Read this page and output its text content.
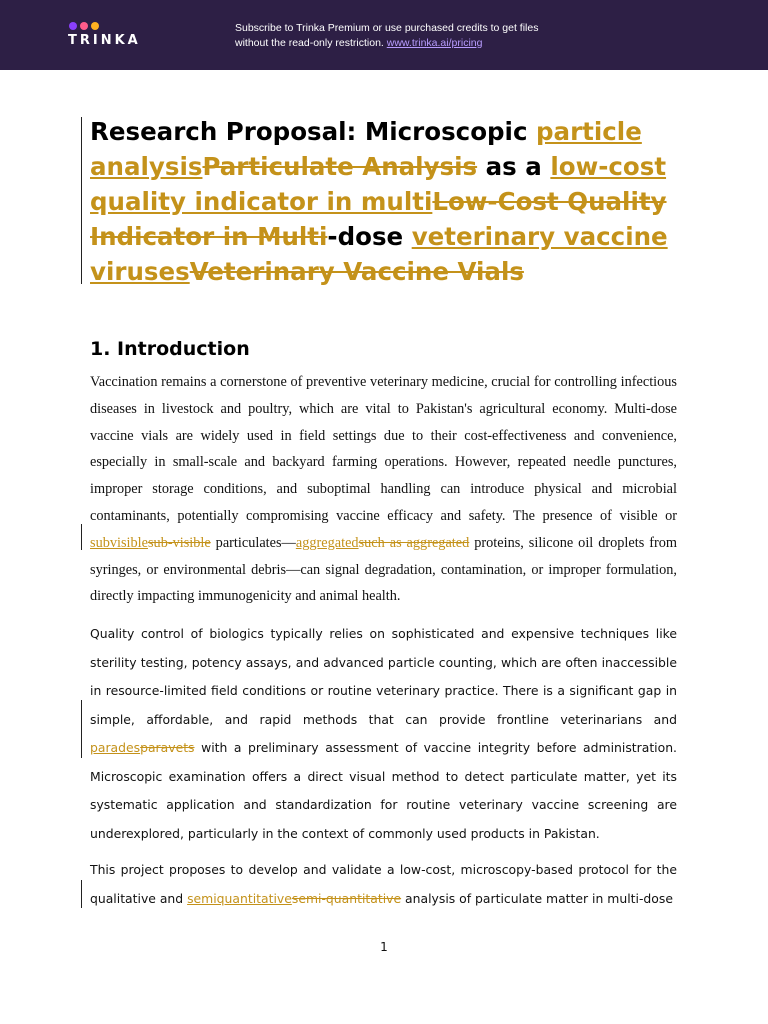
TRINKA
Subscribe to Trinka Premium or use purchased credits to get files
without the read-only restriction. www.trinka.ai/pricing
Research Proposal: Microscopic particle analysisParticulate Analysis as a low-cost quality indicator in multiLow-Cost Quality Indicator in Multi-dose veterinary vaccine virusesVeterinary Vaccine Vials
1. Introduction

Vaccination remains a cornerstone of preventive veterinary medicine, crucial for controlling infectious diseases in livestock and poultry, which are vital to Pakistan's agricultural economy. Multi-dose vaccine vials are widely used in field settings due to their cost-effectiveness and convenience, especially in small-scale and backyard farming operations. However, repeated needle punctures, improper storage conditions, and suboptimal handling can introduce physical and microbial contaminants, potentially compromising vaccine efficacy and safety. The presence of visible or subvisiblesub-visible particulates—aggregatedsuch as aggregated proteins, silicone oil droplets from syringes, or environmental debris—can signal degradation, contamination, or improper formulation, directly impacting immunogenicity and animal health.

Quality control of biologics typically relies on sophisticated and expensive techniques like sterility testing, potency assays, and advanced particle counting, which are often inaccessible in resource-limited field conditions or routine veterinary practice. There is a significant gap in simple, affordable, and rapid methods that can provide frontline veterinarians and paradesparavets with a preliminary assessment of vaccine integrity before administration. Microscopic examination offers a direct visual method to detect particulate matter, yet its systematic application and standardization for routine veterinary vaccine screening are underexplored, particularly in the context of commonly used products in Pakistan.

This project proposes to develop and validate a low-cost, microscopy-based protocol for the qualitative and semiquantitativesemi-quantitative analysis of particulate matter in multi-dose

1
